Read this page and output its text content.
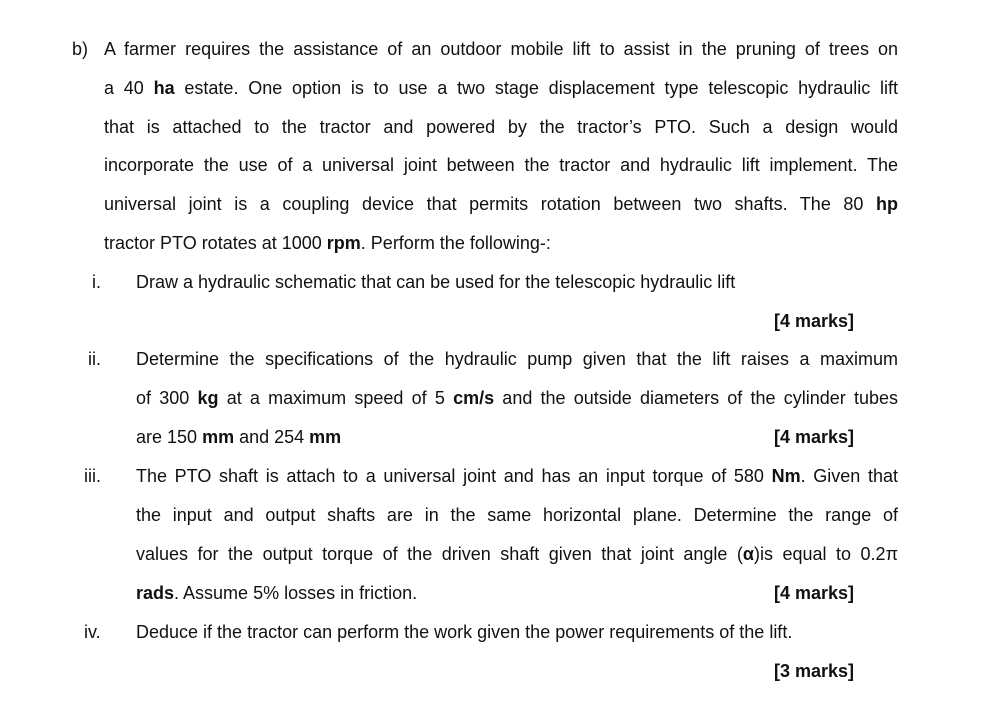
b) A farmer requires the assistance of an outdoor mobile lift to assist in the pruning of trees on
a 40 ha estate. One option is to use a two stage displacement type telescopic hydraulic lift
that is attached to the tractor and powered by the tractor’s PTO. Such a design would
incorporate the use of a universal joint between the tractor and hydraulic lift implement. The
universal joint is a coupling device that permits rotation between two shafts. The 80 hp
tractor PTO rotates at 1000 rpm. Perform the following-:
i. Draw a hydraulic schematic that can be used for the telescopic hydraulic lift
[4 marks]
ii. Determine the specifications of the hydraulic pump given that the lift raises a maximum
of 300 kg at a maximum speed of 5 cm/s and the outside diameters of the cylinder tubes
are 150 mm and 254 mm	[4 marks]
iii. The PTO shaft is attach to a universal joint and has an input torque of 580 Nm. Given that
the input and output shafts are in the same horizontal plane. Determine the range of
values for the output torque of the driven shaft given that joint angle (α)is equal to 0.2π
rads. Assume 5% losses in friction.	[4 marks]
iv. Deduce if the tractor can perform the work given the power requirements of the lift.
[3 marks]
